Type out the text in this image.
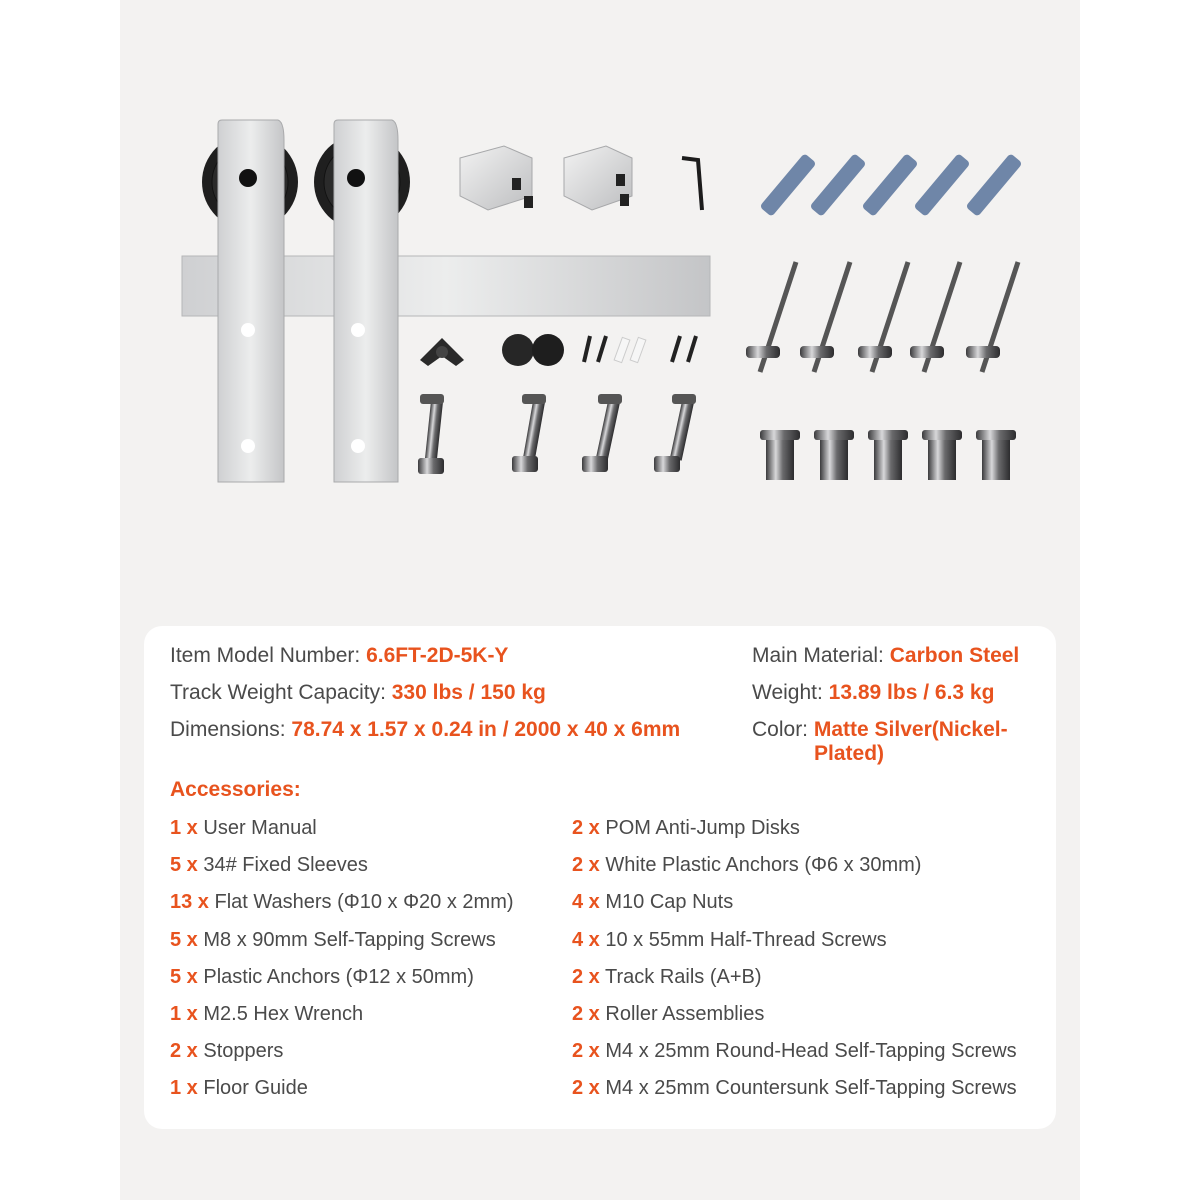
Item Model Number: 6.6FT-2D-5K-Y
Track Weight Capacity: 330 lbs / 150 kg
Dimensions: 78.74 x 1.57 x 0.24 in / 2000 x 40 x 6mm
Main Material: Carbon Steel
Weight: 13.89 lbs / 6.3 kg
Color: Matte Silver(Nickel-
Plated)
Accessories:
1 x User Manual
5 x 34# Fixed Sleeves
13 x Flat Washers (Φ10 x Φ20 x 2mm)
5 x M8 x 90mm Self-Tapping Screws
5 x Plastic Anchors (Φ12 x 50mm)
1 x M2.5 Hex Wrench
2 x Stoppers
1 x Floor Guide
2 x POM Anti-Jump Disks
2 x White Plastic Anchors (Φ6 x 30mm)
4 x M10 Cap Nuts
4 x 10 x 55mm Half-Thread Screws
2 x Track Rails (A+B)
2 x Roller Assemblies
2 x M4 x 25mm Round-Head Self-Tapping Screws
2 x M4 x 25mm Countersunk Self-Tapping Screws
